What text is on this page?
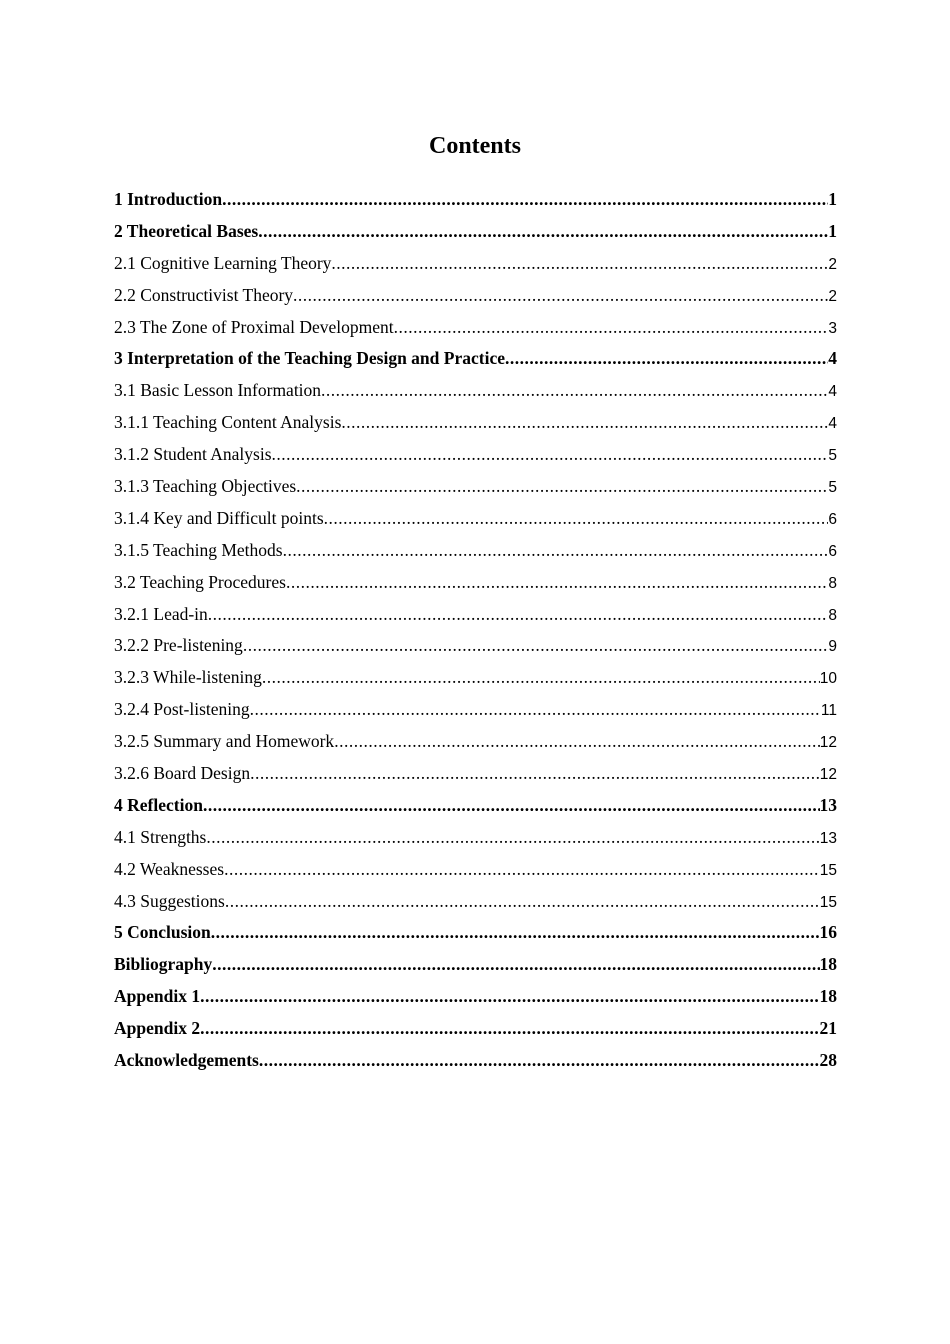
Contents
1 Introduction .....	1
2 Theoretical Bases .....	1
2.1 Cognitive Learning Theory .....	2
2.2 Constructivist Theory .....	2
2.3 The Zone of Proximal Development .....	3
3 Interpretation of the Teaching Design and Practice .....	4
3.1 Basic Lesson Information .....	4
3.1.1 Teaching Content Analysis .....	4
3.1.2 Student Analysis .....	5
3.1.3 Teaching Objectives .....	5
3.1.4 Key and Difficult points .....	6
3.1.5 Teaching Methods .....	6
3.2 Teaching Procedures .....	8
3.2.1 Lead-in .....	8
3.2.2 Pre-listening .....	9
3.2.3 While-listening .....	10
3.2.4 Post-listening .....	11
3.2.5 Summary and Homework .....	12
3.2.6 Board Design .....	12
4 Reflection .....	13
4.1 Strengths .....	13
4.2 Weaknesses .....	15
4.3 Suggestions .....	15
5 Conclusion .....	16
Bibliography .....	18
Appendix 1 .....	18
Appendix 2 .....	21
Acknowledgements .....	28
